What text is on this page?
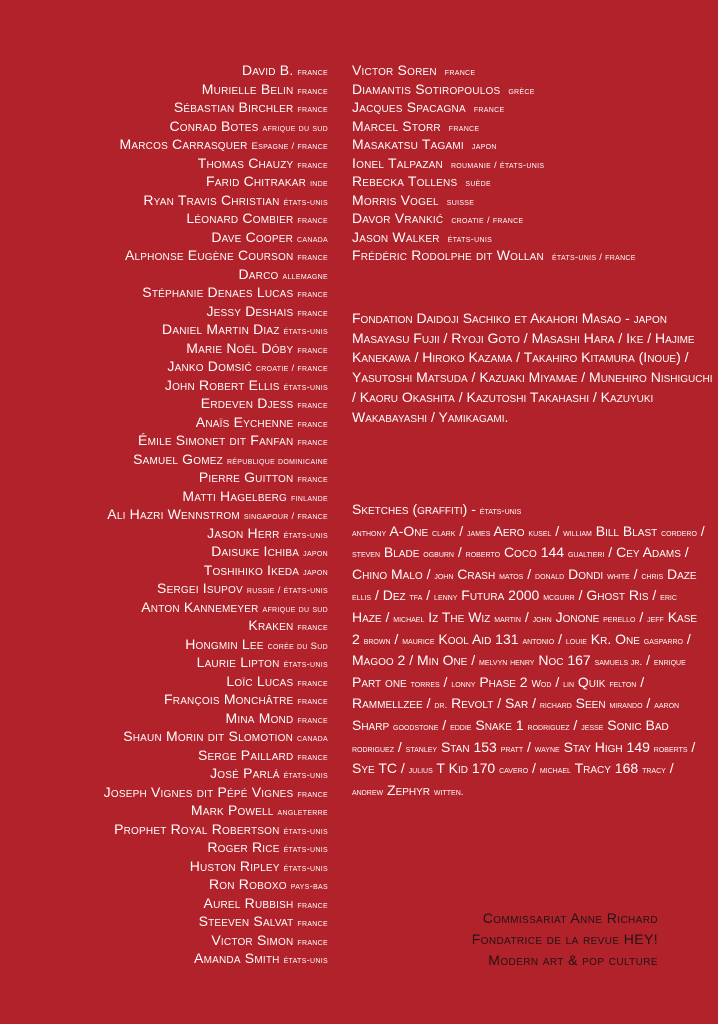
David B. france
Murielle Belin france
Sébastian Birchler france
Conrad Botes afrique du sud
Marcos Carrasquer Espagne / france
Thomas Chauzy france
Farid Chitrakar inde
Ryan Travis Christian états-unis
Léonard Combier france
Dave Cooper canada
Alphonse Eugène Courson france
Darco allemagne
Stéphanie Denaes Lucas france
Jessy Deshais france
Daniel Martin Diaz états-unis
Marie Noël Dóby france
Janko Domsić croatie / france
John Robert Ellis états-unis
Erdeven Djess france
Anaïs Eychenne france
Émile Simonet dit Fanfan france
Samuel Gomez république dominicaine
Pierre Guitton france
Matti Hagelberg finlande
Ali Hazri Wennstrom singapour / france
Jason Herr états-unis
Daisuke Ichiba japon
Toshihiko Ikeda japon
Sergei Isupov russie / états-unis
Anton Kannemeyer afrique du sud
Kraken france
Hongmin Lee corée du Sud
Laurie Lipton états-unis
Loïc Lucas france
François Monchâtre france
Mina Mond france
Shaun Morin dit Slomotion canada
Serge Paillard france
José Parlá états-unis
Joseph Vignes dit Pépé Vignes france
Mark Powell angleterre
Prophet Royal Robertson états-unis
Roger Rice états-unis
Huston Ripley états-unis
Ron Roboxo pays-bas
Aurel Rubbish france
Steeven Salvat france
Victor Simon france
Amanda Smith états-unis
Victor Soren france
Diamantis Sotiropoulos grèce
Jacques Spacagna france
Marcel Storr france
Masakatsu Tagami japon
Ionel Talpazan roumanie / états-unis
Rebecka Tollens suède
Morris Vogel suisse
Davor Vrankić croatie / france
Jason Walker états-unis
Frédéric Rodolphe dit Wollan états-unis / france
Fondation Daidoji Sachiko et Akahori Masao - japon Masayasu Fujii / Ryoji Goto / Masashi Hara / Ike / Hajime Kanekawa / Hiroko Kazama / Takahiro Kitamura (Inoue) / Yasutoshi Matsuda / Kazuaki Miyamae / Munehiro Nishiguchi / Kaoru Okashita / Kazutoshi Takahashi / Kazuyuki Wakabayashi / Yamikagami.
Sketches (graffiti) - états-unis
anthony A-One clark / james Aero kusel / william Bill Blast cordero / steven Blade ogburn / roberto Coco 144 gualtieri / Cey Adams / Chino Malo / john Crash matos / donald Dondi white / chris Daze ellis / Dez tfa / lenny Futura 2000 mcgurr / Ghost Ris / eric Haze / michael Iz The Wiz martin / john Jonone perello / jeff Kase 2 brown / maurice Kool Aid 131 antonio / louie Kr. One gasparro / Magoo 2 / Min One / melvyn henry Noc 167 samuels jr. / enrique Part one torres / lonny Phase 2 Wod / lin Quik felton / Rammellzee / dr. Revolt / Sar / richard Seen mirando / aaron Sharp goodstone / eddie Snake 1 rodriguez / jesse Sonic Bad rodriguez / stanley Stan 153 pratt / wayne Stay High 149 roberts / Sye TC / julius T Kid 170 cavero / michael Tracy 168 tracy / andrew Zephyr witten.
Commissariat Anne Richard
Fondatrice de la revue HEY!
Modern art & pop culture
